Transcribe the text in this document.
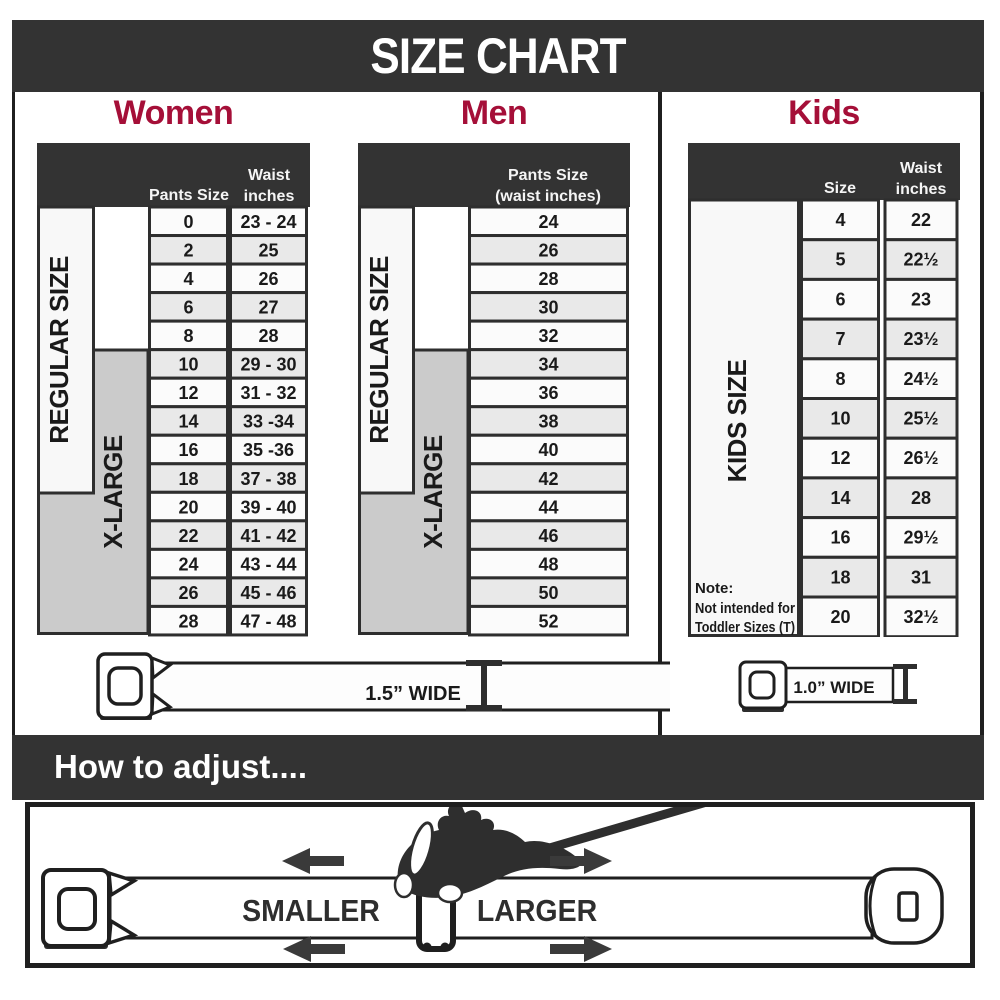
SIZE CHART
Women	Men	Kids
Pants Size
Waist
inches
REGULAR SIZE
X-LARGE
0	23 - 24
2	25
4	26
6	27
8	28
10 29 - 30
12 31 - 32
14 33 -34
16 35 -36
18 37 - 38
20 39 - 40
22 41 - 42
24 43 - 44
26 45 - 46
28 47 - 48
Pants Size
(waist inches)
REGULAR SIZE
X-LARGE
24
26
28
30
32
34
36
38
40
42
44
46
48
50
52
Size
Waist
inches
KIDS SIZE
Note:
Not intended for
Toddler Sizes (T)
4	22
5	22½
6	23
7	23½
8	24½
10	25½
12	26½
14	28
16	29½
18	31
20	32½
1.5” WIDE	1.0” WIDE
How to adjust....
SMALLER	LARGER
